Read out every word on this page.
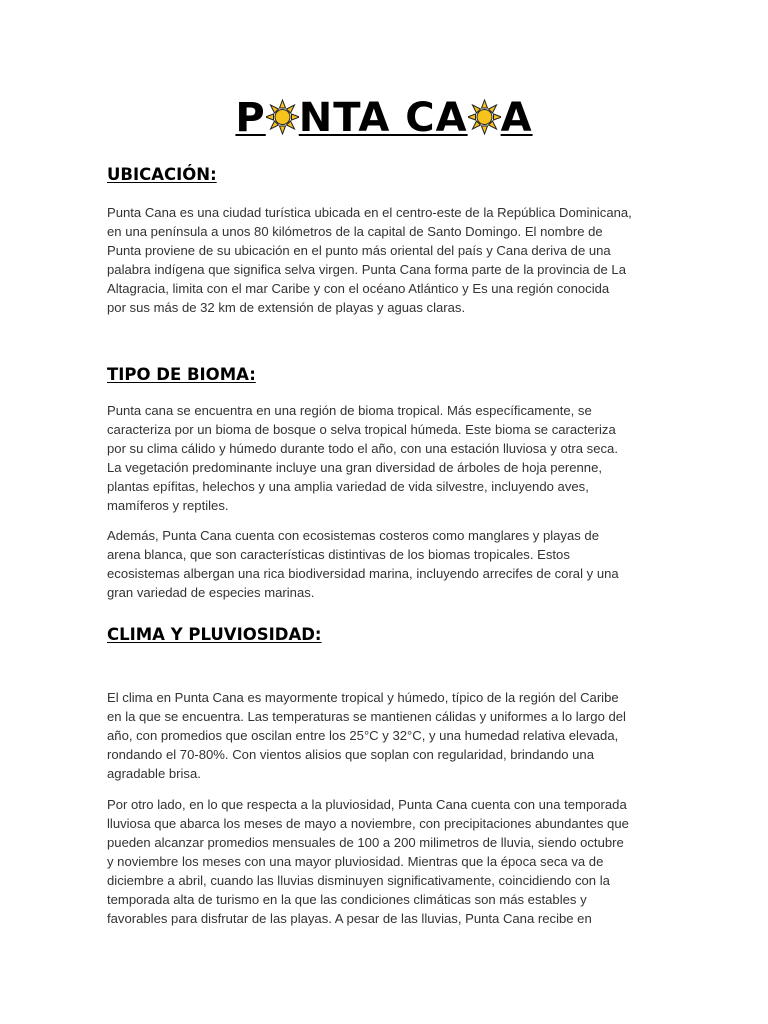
P NTA CA A
UBICACIÓN:

Punta Cana es una ciudad turística ubicada en el centro-este de la República Dominicana,
en una península a unos 80 kilómetros de la capital de Santo Domingo. El nombre de
Punta proviene de su ubicación en el punto más oriental del país y Cana deriva de una
palabra indígena que significa selva virgen. Punta Cana forma parte de la provincia de La
Altagracia, limita con el mar Caribe y con el océano Atlántico y Es una región conocida
por sus más de 32 km de extensión de playas y aguas claras.

TIPO DE BIOMA:

Punta cana se encuentra en una región de bioma tropical. Más específicamente, se
caracteriza por un bioma de bosque o selva tropical húmeda. Este bioma se caracteriza
por su clima cálido y húmedo durante todo el año, con una estación lluviosa y otra seca.
La vegetación predominante incluye una gran diversidad de árboles de hoja perenne,
plantas epífitas, helechos y una amplia variedad de vida silvestre, incluyendo aves,
mamíferos y reptiles.

Además, Punta Cana cuenta con ecosistemas costeros como manglares y playas de
arena blanca, que son características distintivas de los biomas tropicales. Estos
ecosistemas albergan una rica biodiversidad marina, incluyendo arrecifes de coral y una
gran variedad de especies marinas.

CLIMA Y PLUVIOSIDAD:

El clima en Punta Cana es mayormente tropical y húmedo, típico de la región del Caribe
en la que se encuentra. Las temperaturas se mantienen cálidas y uniformes a lo largo del
año, con promedios que oscilan entre los 25°C y 32°C, y una humedad relativa elevada,
rondando el 70-80%. Con vientos alisios que soplan con regularidad, brindando una
agradable brisa.

Por otro lado, en lo que respecta a la pluviosidad, Punta Cana cuenta con una temporada
lluviosa que abarca los meses de mayo a noviembre, con precipitaciones abundantes que
pueden alcanzar promedios mensuales de 100 a 200 milimetros de lluvia, siendo octubre
y noviembre los meses con una mayor pluviosidad. Mientras que la época seca va de
diciembre a abril, cuando las lluvias disminuyen significativamente, coincidiendo con la
temporada alta de turismo en la que las condiciones climáticas son más estables y
favorables para disfrutar de las playas. A pesar de las lluvias, Punta Cana recibe en
